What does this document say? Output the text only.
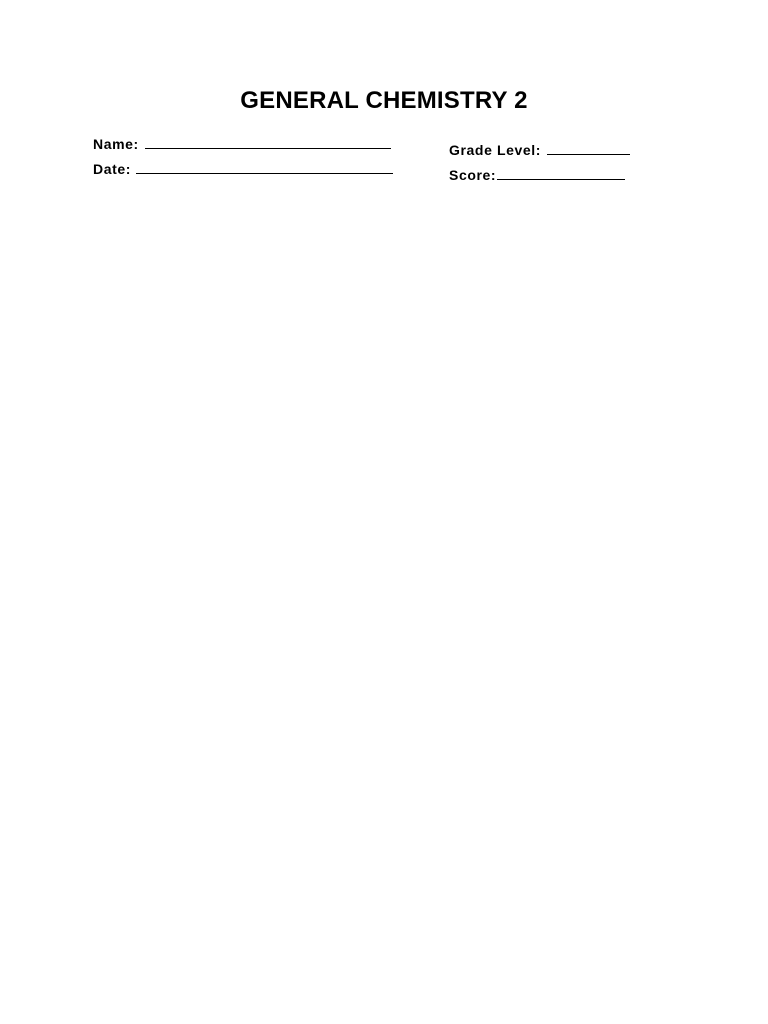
GENERAL CHEMISTRY 2
Name:
Date:
Grade Level:
Score:
